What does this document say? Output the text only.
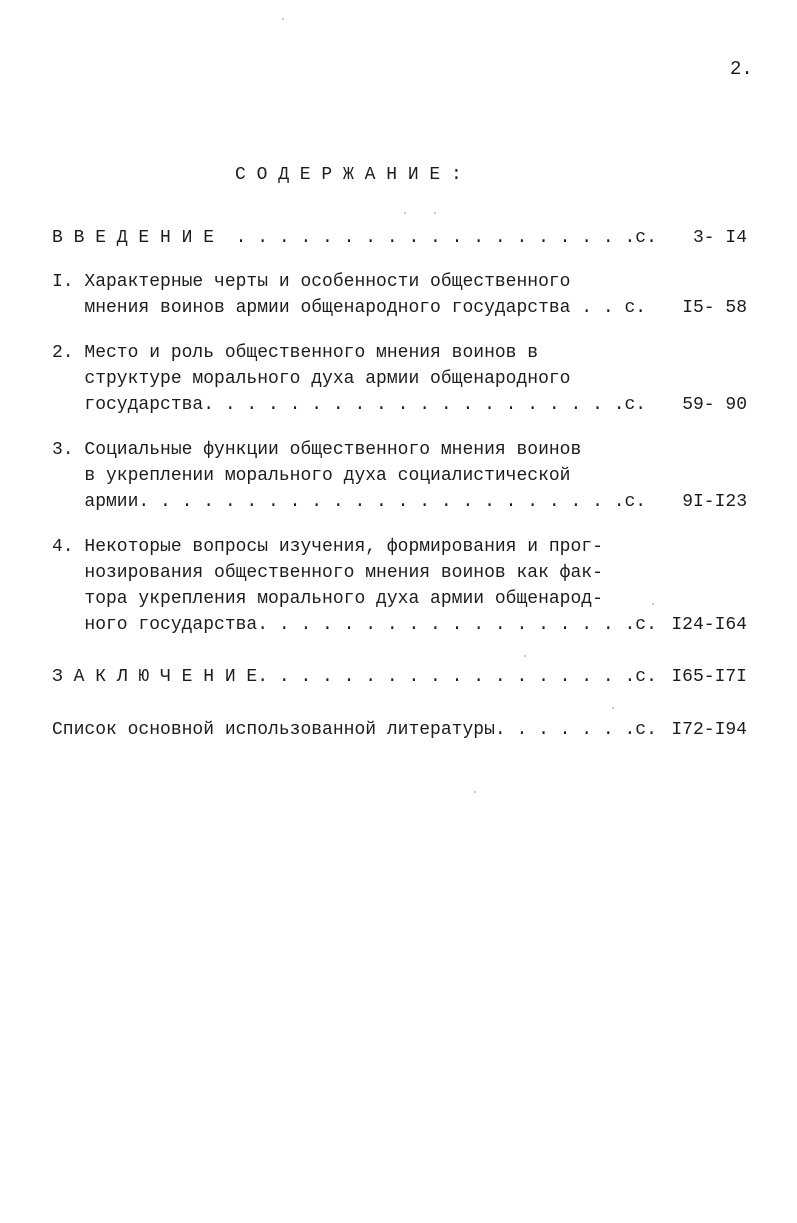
2.
С О Д Е Р Ж А Н И Е :
В В Е Д Е Н И Е  . . . . . . . . . . . . . . . . . . .с. 3- I4
I. Характерные черты и особенности общественного
мнения воинов армии общенародного государства . . с. I5- 58
2. Место и роль общественного мнения воинов в
структуре морального духа армии общенародного
государства. . . . . . . . . . . . . . . . . . . .с. 59- 90
3. Социальные функции общественного мнения воинов
в укреплении морального духа социалистической
армии. . . . . . . . . . . . . . . . . . . . . . .с. 9I-I23
4. Некоторые вопросы изучения, формирования и прог-
нозирования общественного мнения воинов как фак-
тора укрепления морального духа армии общенарод-
ного государства. . . . . . . . . . . . . . . . . .с. I24-I64
З А К Л Ю Ч Е Н И Е. . . . . . . . . . . . . . . . . .с. I65-I7I
Список основной использованной литературы. . . . . . .с. I72-I94
